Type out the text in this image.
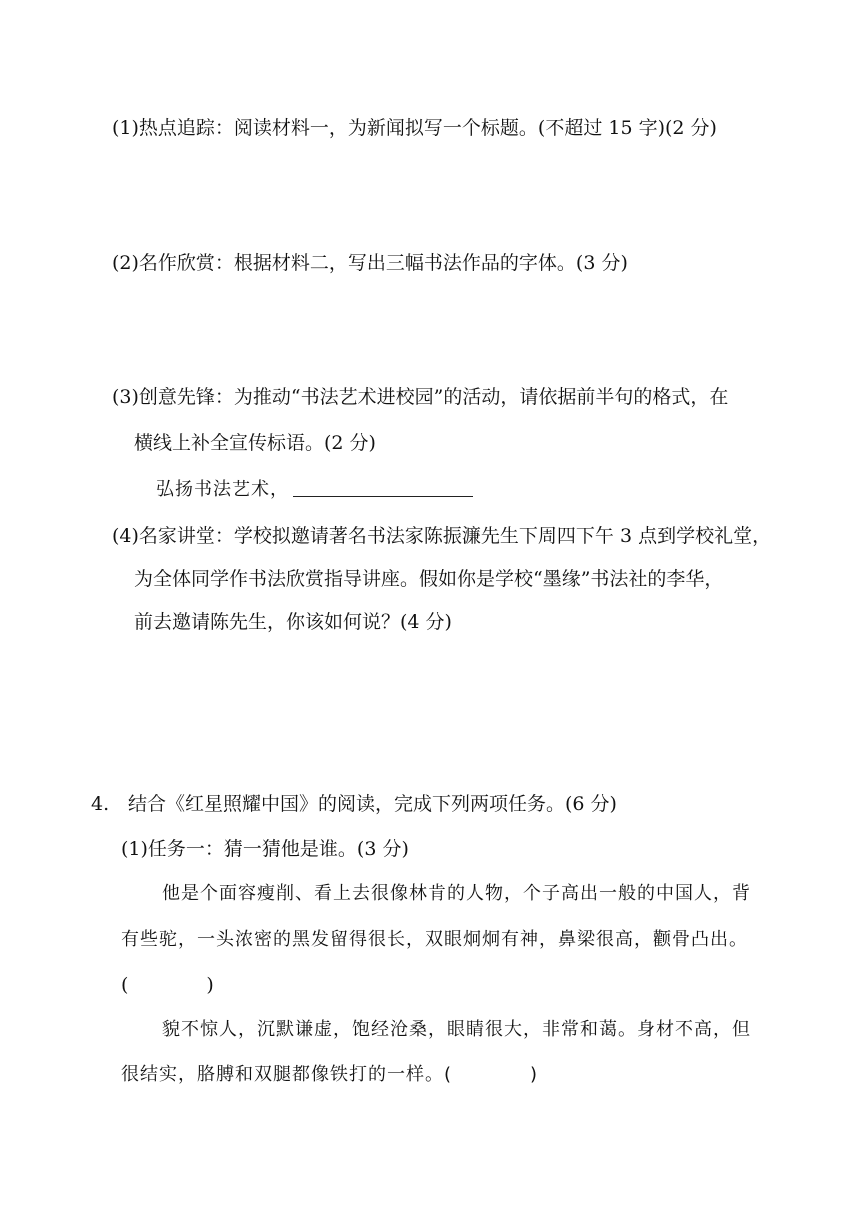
(1)热点追踪：阅读材料一，为新闻拟写一个标题。(不超过 15 字)(2 分)
(2)名作欣赏：根据材料二，写出三幅书法作品的字体。(3 分)
(3)创意先锋：为推动“书法艺术进校园”的活动，请依据前半句的格式，在
横线上补全宣传标语。(2 分)
弘扬书法艺术，
(4)名家讲堂：学校拟邀请著名书法家陈振濂先生下周四下午 3 点到学校礼堂，
为全体同学作书法欣赏指导讲座。假如你是学校“墨缘”书法社的李华，
前去邀请陈先生，你该如何说？(4 分)
4. 结合《红星照耀中国》的阅读，完成下列两项任务。(6 分)
(1)任务一：猜一猜他是谁。(3 分)
他是个面容瘦削、看上去很像林肯的人物，个子高出一般的中国人，背
有些驼，一头浓密的黑发留得很长，双眼炯炯有神，鼻梁很高，颧骨凸出。
(	)
貌不惊人，沉默谦虚，饱经沧桑，眼睛很大，非常和蔼。身材不高，但
很结实，胳膊和双腿都像铁打的一样。(	)
